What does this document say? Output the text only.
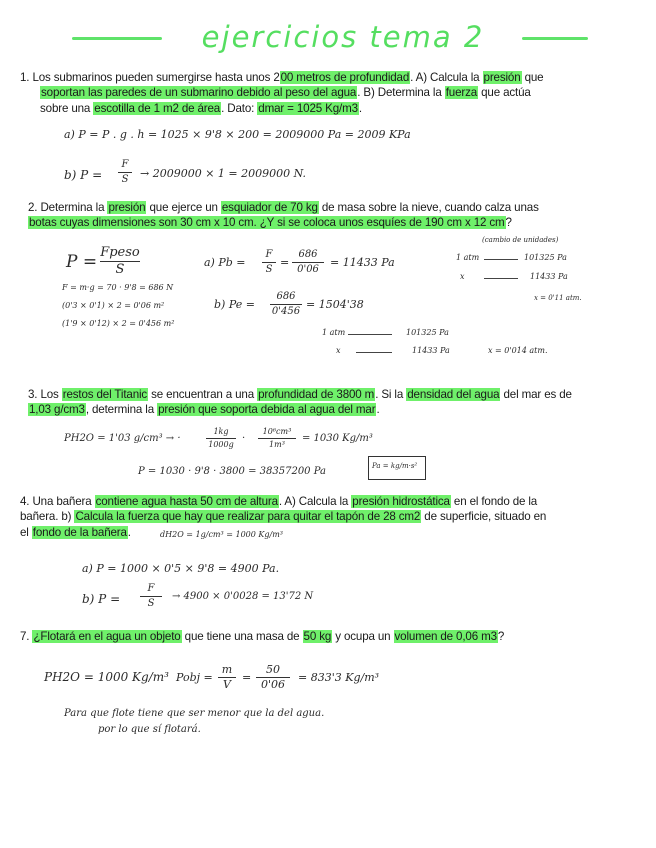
ejercicios tema 2
1. Los submarinos pueden sumergirse hasta unos 200 metros de profundidad. A) Calcula la presión que
soportan las paredes de un submarino debido al peso del agua. B) Determina la fuerza que actúa
sobre una escotilla de 1 m2 de área. Dato: dmar = 1025 Kg/m3.
a) P = P . g . h = 1025 × 9'8 × 200 = 2009000 Pa = 2009 KPa
b) P =
F
S	→ 2009000 × 1 = 2009000 N.
2. Determina la presión que ejerce un esquiador de 70 kg de masa sobre la nieve, cuando calza unas
botas cuyas dimensiones son 30 cm x 10 cm. ¿Y si se coloca unos esquíes de 190 cm x 12 cm?
P = Fpeso
S
F = m·g = 70 · 9'8 = 686 N
(0'3 × 0'1) × 2 = 0'06 m²
(1'9 × 0'12) × 2 = 0'456 m²
a) Pb =
F
S
=
686
0'06
= 11433 Pa
b) Pe =
686
0'456
= 1504'38
(cambio de unidades)
1 atm	101325 Pa
x	11433 Pa
x = 0'11 atm.
1 atm	101325 Pa
x	11433 Pa	x = 0'014 atm.
3. Los restos del Titanic se encuentran a una profundidad de 3800 m. Si la densidad del agua del mar es de
1,03 g/cm3, determina la presión que soporta debida al agua del mar.
PH2O = 1'03 g/cm³ → ·
1kg
1000g
·
10⁶cm³
1m³
= 1030 Kg/m³
P = 1030 · 9'8 · 3800 = 38357200 Pa	Pa = kg/m·s²
4. Una bañera contiene agua hasta 50 cm de altura. A) Calcula la presión hidrostática en el fondo de la
bañera. b) Calcula la fuerza que hay que realizar para quitar el tapón de 28 cm2 de superficie, situado en
el fondo de la bañera.	dH2O = 1g/cm³ = 1000 Kg/m³
a) P = 1000 × 0'5 × 9'8 = 4900 Pa.
b) P =
F
S
→ 4900 × 0'0028 = 13'72 N
7. ¿Flotará en el agua un objeto que tiene una masa de 50 kg y ocupa un volumen de 0,06 m3?
PH2O = 1000 Kg/m³ Pobj =
m
V
=
50
0'06
= 833'3 Kg/m³
Para que flote tiene que ser menor que la del agua.
por lo que sí flotará.
